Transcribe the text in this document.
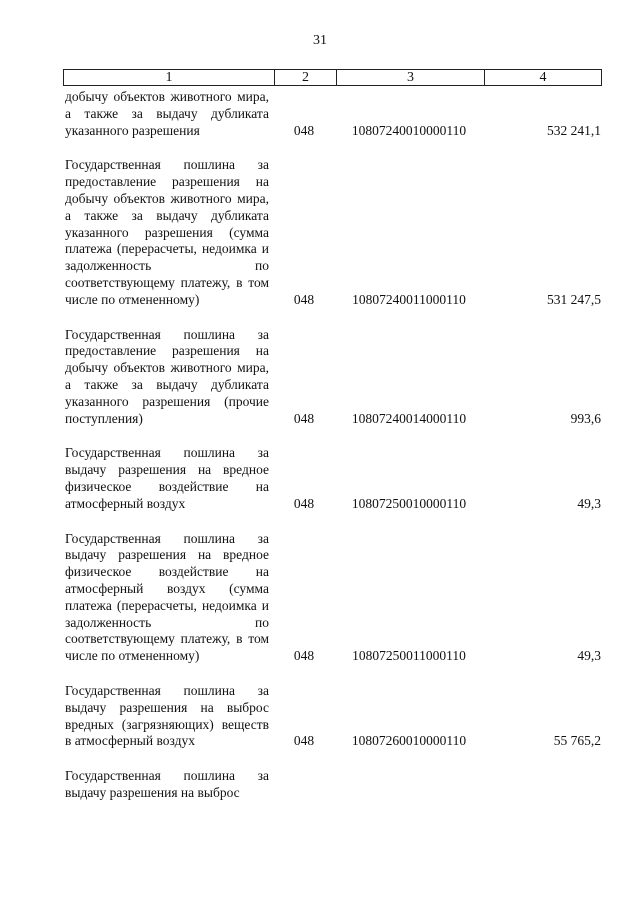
31
1	2	3	4
добычу объектов животного мира, а также за выдачу дубликата указанного разрешения	048	10807240010000110	532 241,1
Государственная пошлина за предоставление разрешения на добычу объектов животного мира, а также за выдачу дубликата указанного разрешения (сумма платежа (перерасчеты, недоимка и задолженность по соответствующему платежу, в том числе по отмененному)	048	10807240011000110	531 247,5
Государственная пошлина за предоставление разрешения на добычу объектов животного мира, а также за выдачу дубликата указанного разрешения (прочие поступления)	048	10807240014000110	993,6
Государственная пошлина за выдачу разрешения на вредное физическое воздействие на атмосферный воздух	048	10807250010000110	49,3
Государственная пошлина за выдачу разрешения на вредное физическое воздействие на атмосферный воздух (сумма платежа (перерасчеты, недоимка и задолженность по соответствующему платежу, в том числе по отмененному)	048	10807250011000110	49,3
Государственная пошлина за выдачу разрешения на выброс вредных (загрязняющих) веществ в атмосферный воздух	048	10807260010000110	55 765,2
Государственная пошлина за выдачу разрешения на выброс
